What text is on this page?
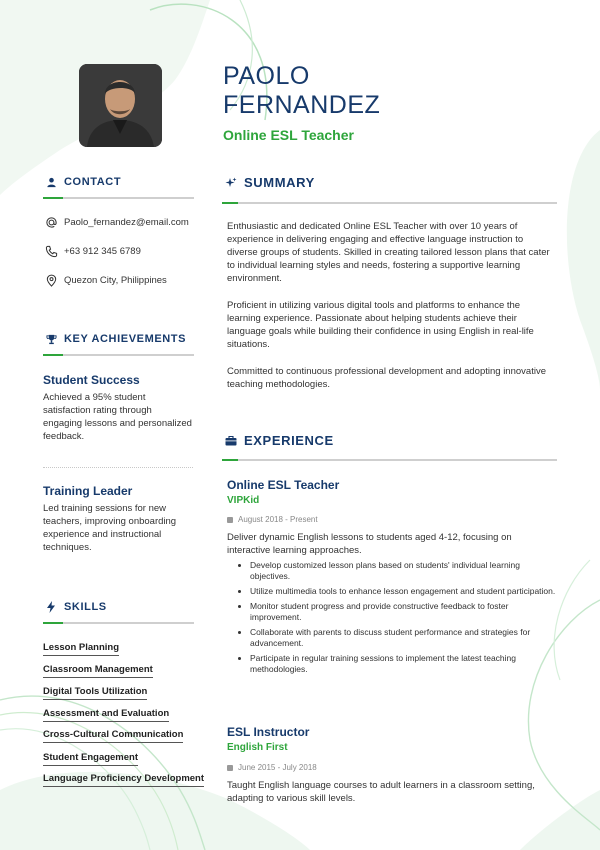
PAOLO
FERNANDEZ
Online ESL Teacher
CONTACT
Paolo_fernandez@email.com
+63 912 345 6789
Quezon City, Philippines
KEY ACHIEVEMENTS
Student Success
Achieved a 95% student satisfaction rating through engaging lessons and personalized feedback.
Training Leader
Led training sessions for new teachers, improving onboarding experience and instructional techniques.
SKILLS
Lesson Planning
Classroom Management
Digital Tools Utilization
Assessment and Evaluation
Cross-Cultural Communication
Student Engagement
Language Proficiency Development
SUMMARY
Enthusiastic and dedicated Online ESL Teacher with over 10 years of experience in delivering engaging and effective language instruction to diverse groups of students. Skilled in creating tailored lesson plans that cater to individual learning styles and needs, fostering a supportive learning environment.
Proficient in utilizing various digital tools and platforms to enhance the learning experience. Passionate about helping students achieve their language goals while building their confidence in using English in real-life situations.
Committed to continuous professional development and adopting innovative teaching methodologies.
EXPERIENCE
Online ESL Teacher
VIPKid
August 2018 - Present
Deliver dynamic English lessons to students aged 4-12, focusing on interactive learning approaches.
• Develop customized lesson plans based on students' individual learning objectives.
• Utilize multimedia tools to enhance lesson engagement and student participation.
• Monitor student progress and provide constructive feedback to foster improvement.
• Collaborate with parents to discuss student performance and strategies for advancement.
• Participate in regular training sessions to implement the latest teaching methodologies.
ESL Instructor
English First
June 2015 - July 2018
Taught English language courses to adult learners in a classroom setting, adapting to various skill levels.
